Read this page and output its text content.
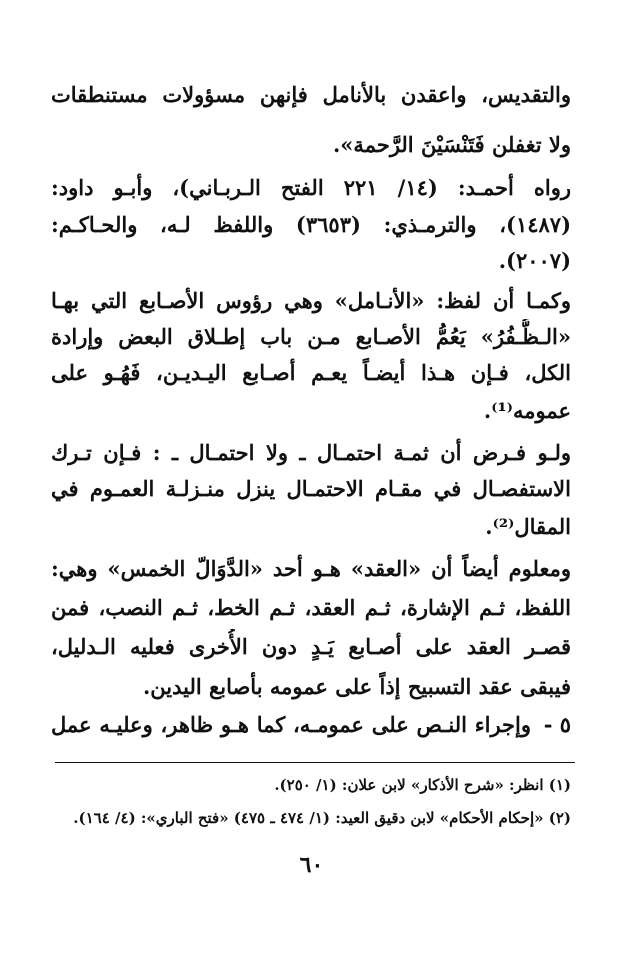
والتقديس، واعقدن بالأنامل فإنهن مسؤولات مستنطقات
ولا تغفلن فَتَنْسَيْنَ الرَّحمة».
رواه أحمـد: (١٤/ ٢٢١ الفتح الـربـاني)، وأبـو داود:
(١٤٨٧)، والترمـذي: (٣٦٥٣) واللفظ لـه، والحـاكـم:
(٢٠٠٧).
وكمـا أن لفظ: «الأنـامل» وهي رؤوس الأصـابع التي بهـا
«الـظُّـفُرُ» يَعُمُّ الأصـابع مـن باب إطـلاق البعض وإرادة
الكل، فـإن هـذا أيضـاً يعـم أصـابع اليـديـن، فَهُـو على
عمومه⁽¹⁾.
ولـو فـرض أن ثمـة احتمـال ـ ولا احتمـال ـ : فـإن تـرك
الاستفصـال في مقـام الاحتمـال ينزل منـزلـة العمـوم في
المقال⁽²⁾.
ومعلوم أيضاً أن «العقد» هـو أحد «الدَّوَالّ الخمس» وهي:
اللفظ، ثـم الإشارة، ثـم العقد، ثـم الخط، ثـم النصب، فمن
قصـر العقد على أصـابع يَـدٍ دون الأُخرى فعليه الـدليل،
فيبقى عقد التسبيح إذاً على عمومه بأصابع اليدين.
٥ -
وإجراء النـص على عمومـه، كما هـو ظاهر، وعليـه عمل
(١) انظر: «شرح الأذكار» لابن علان: (١/ ٢٥٠).
(٢) «إحكام الأحكام» لابن دقيق العيد: (١/ ٤٧٤ ـ ٤٧٥) «فتح الباري»: (٤/ ١٦٤).
٦٠
